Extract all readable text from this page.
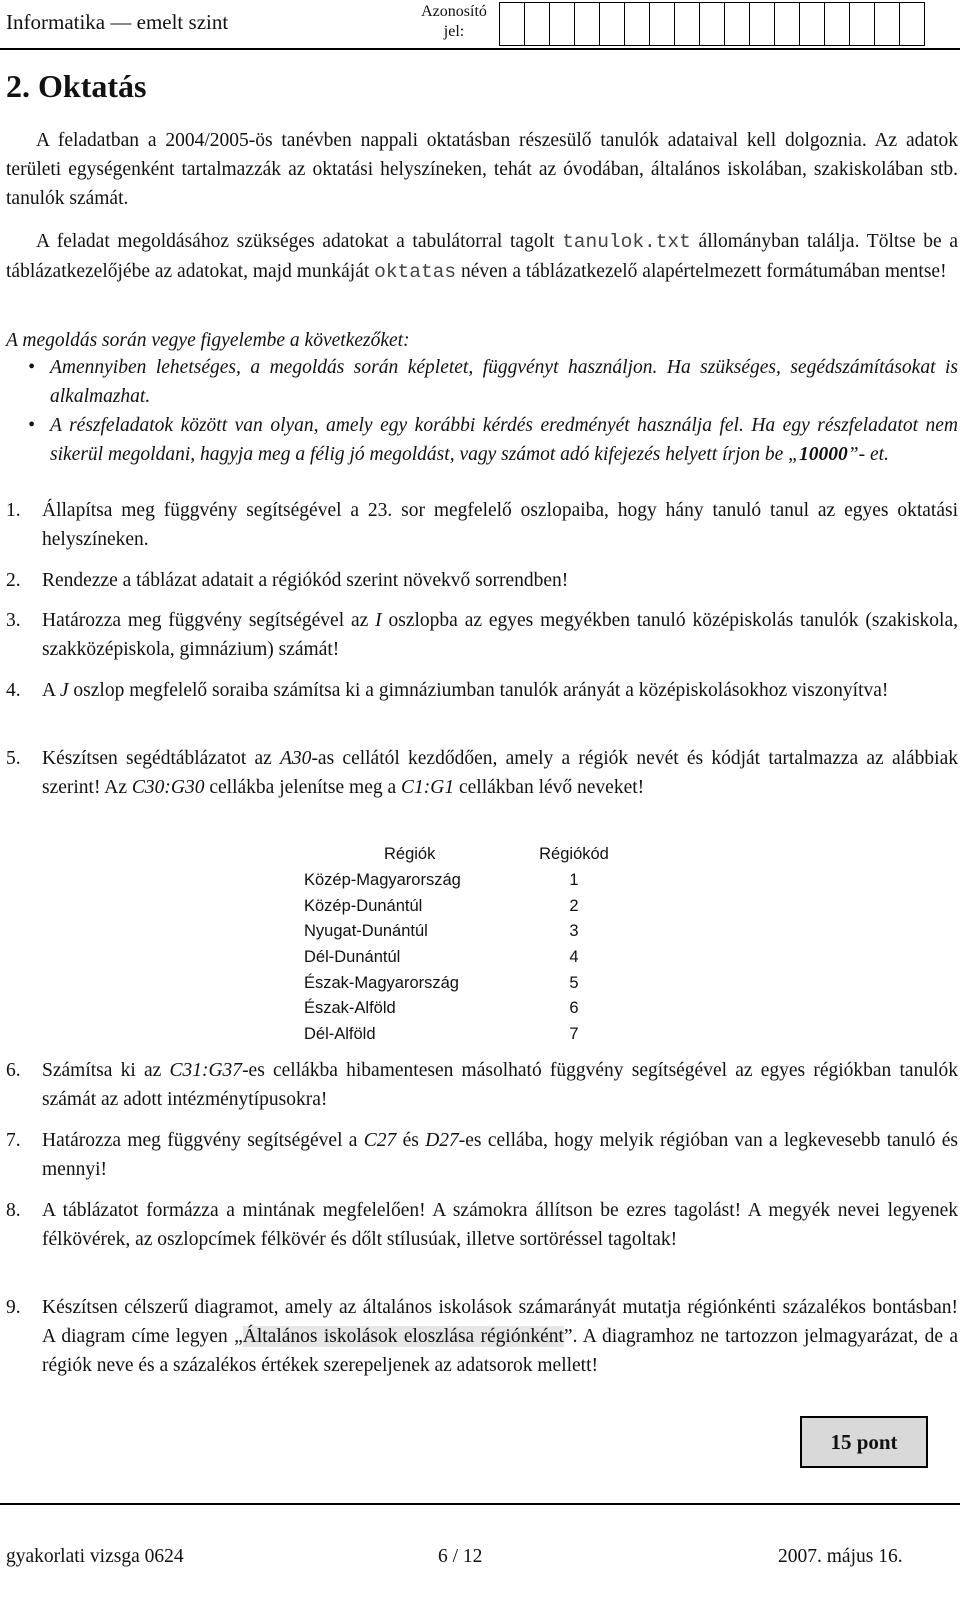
Informatika — emelt szint	Azonosító
jel:
2. Oktatás

A feladatban a 2004/2005-ös tanévben nappali oktatásban részesülő tanulók adataival kell dolgoznia. Az adatok területi egységenként tartalmazzák az oktatási helyszíneken, tehát az óvodában, általános iskolában, szakiskolában stb. tanulók számát.

A feladat megoldásához szükséges adatokat a tabulátorral tagolt tanulok.txt állományban találja. Töltse be a táblázatkezelőjébe az adatokat, majd munkáját oktatas néven a táblázatkezelő alapértelmezett formátumában mentse!

A megoldás során vegye figyelembe a következőket:

• Amennyiben lehetséges, a megoldás során képletet, függvényt használjon. Ha szükséges, segédszámításokat is alkalmazhat.
• A részfeladatok között van olyan, amely egy korábbi kérdés eredményét használja fel. Ha egy részfeladatot nem sikerül megoldani, hagyja meg a félig jó megoldást, vagy számot adó kifejezés helyett írjon be „10000”- et.
1. Állapítsa meg függvény segítségével a 23. sor megfelelő oszlopaiba, hogy hány tanuló tanul az egyes oktatási helyszíneken.

2. Rendezze a táblázat adatait a régiókód szerint növekvő sorrendben!

3. Határozza meg függvény segítségével az I oszlopba az egyes megyékben tanuló középiskolás tanulók (szakiskola, szakközépiskola, gimnázium) számát!

4. A J oszlop megfelelő soraiba számítsa ki a gimnáziumban tanulók arányát a középiskolásokhoz viszonyítva!

5. Készítsen segédtáblázatot az A30-as cellától kezdődően, amely a régiók nevét és kódját tartalmazza az alábbiak szerint! Az C30:G30 cellákba jelenítse meg a C1:G1 cellákban lévő neveket!

Régiók	Régiókód
Közép-Magyarország	1
Közép-Dunántúl	2
Nyugat-Dunántúl	3
Dél-Dunántúl	4
Észak-Magyarország	5
Észak-Alföld	6
Dél-Alföld	7
6. Számítsa ki az C31:G37-es cellákba hibamentesen másolható függvény segítségével az egyes régiókban tanulók számát az adott intézménytípusokra!

7. Határozza meg függvény segítségével a C27 és D27-es cellába, hogy melyik régióban van a legkevesebb tanuló és mennyi!

8. A táblázatot formázza a mintának megfelelően! A számokra állítson be ezres tagolást! A megyék nevei legyenek félkövérek, az oszlopcímek félkövér és dőlt stílusúak, illetve sortöréssel tagoltak!

9. Készítsen célszerű diagramot, amely az általános iskolások számarányát mutatja régiónkénti százalékos bontásban! A diagram címe legyen „Általános iskolások eloszlása régiónként”. A diagramhoz ne tartozzon jelmagyarázat, de a régiók neve és a százalékos értékek szerepeljenek az adatsorok mellett!

15 pont
gyakorlati vizsga 0624	6 / 12	2007. május 16.
